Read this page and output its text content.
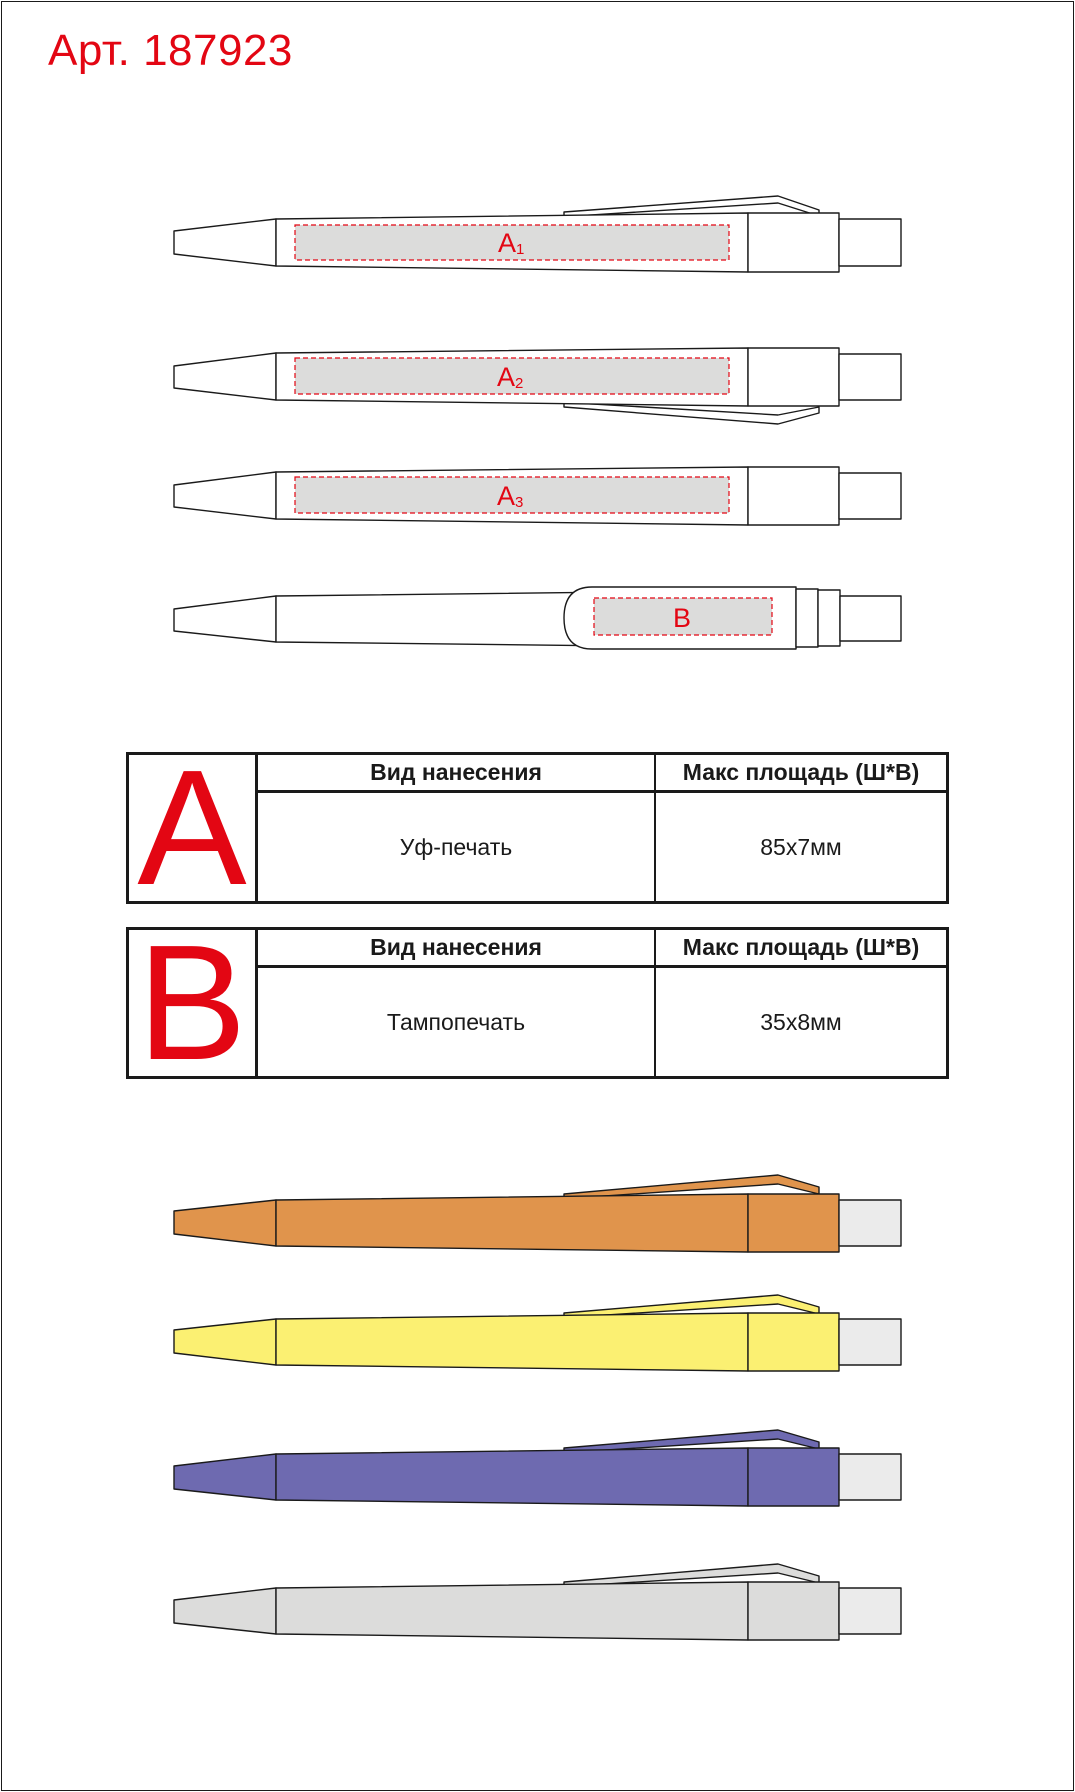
Арт. 187923
A1
A2
A3
B
A	Вид нанесения	Макс площадь (Ш*В)
Уф-печать	85x7мм
B	Вид нанесения	Макс площадь (Ш*В)
Тампопечать	35x8мм
